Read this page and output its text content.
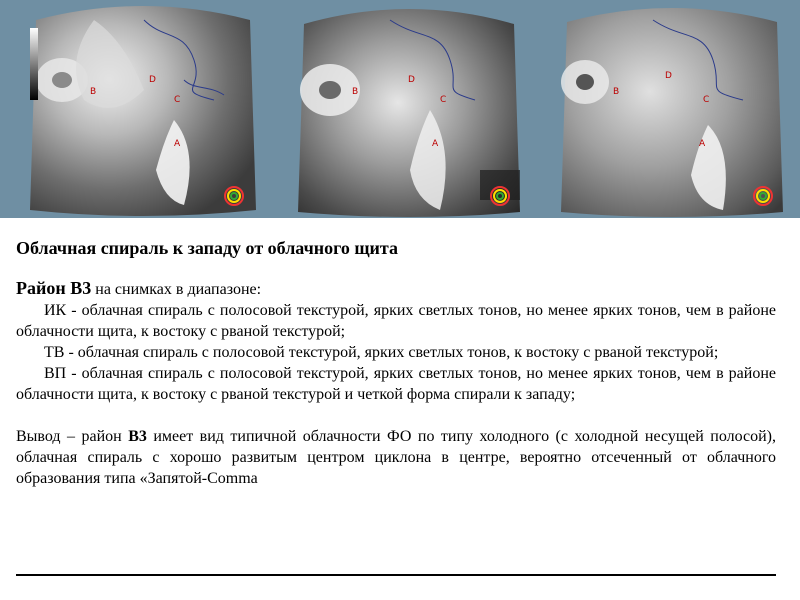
B
D
C
A
B
D
C
A
B
D
C
A

Облачная спираль к западу от облачного щита

Район В3 на снимках в диапазоне:

ИК - облачная спираль с полосовой текстурой, ярких светлых тонов, но менее ярких тонов, чем в районе облачности щита, к востоку с рваной текстурой;

ТВ - облачная спираль с полосовой текстурой, ярких светлых тонов, к востоку с рваной текстурой;

ВП - облачная спираль с полосовой текстурой, ярких светлых тонов, но менее ярких тонов, чем в районе облачности щита, к востоку с рваной текстурой и четкой форма спирали к западу;

Вывод – район В3 имеет вид типичной облачности ФО по типу холодного (с холодной несущей полосой), облачная спираль с хорошо развитым центром циклона в центре, вероятно отсеченный от облачного образования типа «Запятой-Comma
